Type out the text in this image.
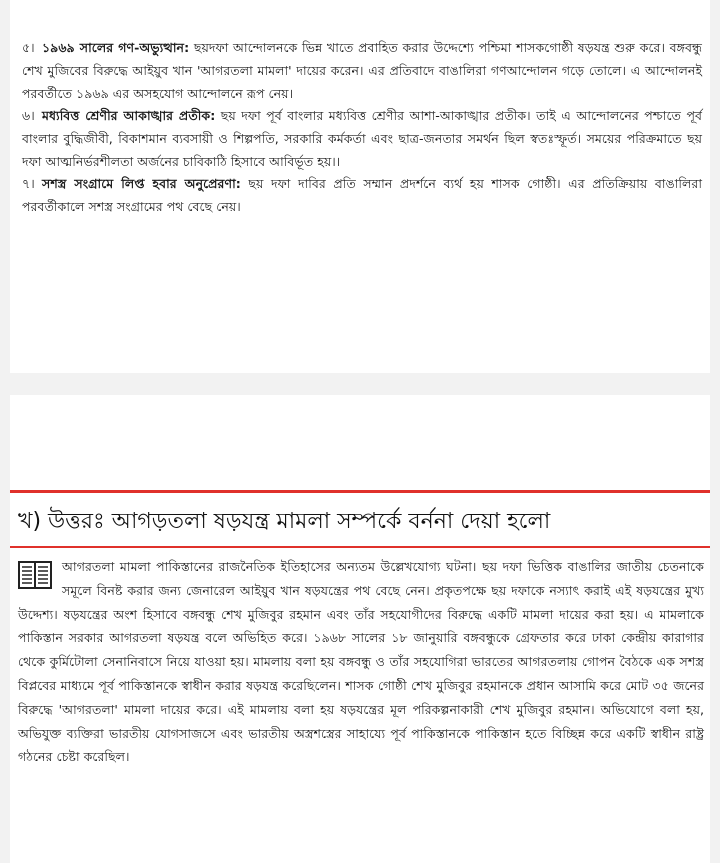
৫। ১৯৬৯ সালের গণ-অভ্যুত্থান: ছয়দফা আন্দোলনকে ভিন্ন খাতে প্রবাহিত করার উদ্দেশ্যে পশ্চিমা শাসকগোষ্ঠী ষড়যন্ত্র শুরু করে। বঙ্গবন্ধু শেখ মুজিবের বিরুদ্ধে আইয়ুব খান 'আগরতলা মামলা' দায়ের করেন। এর প্রতিবাদে বাঙালিরা গণআন্দোলন গড়ে তোলে। এ আন্দোলনই পরবর্তীতে ১৯৬৯ এর অসহযোগ আন্দোলনে রূপ নেয়।
৬। মধ্যবিত্ত শ্রেণীর আকাঙ্খার প্রতীক: ছয় দফা পূর্ব বাংলার মধ্যবিত্ত শ্রেণীর আশা-আকাঙ্খার প্রতীক। তাই এ আন্দোলনের পশ্চাতে পূর্ব বাংলার বুদ্ধিজীবী, বিকাশমান ব্যবসায়ী ও শিল্পপতি, সরকারি কর্মকর্তা এবং ছাত্র-জনতার সমর্থন ছিল স্বতঃস্ফূর্ত। সময়ের পরিক্রমাতে ছয় দফা আত্মনির্ভরশীলতা অর্জনের চাবিকাঠি হিসাবে আবির্ভূত হয়।।
৭। সশস্ত্র সংগ্রামে লিপ্ত হবার অনুপ্রেরণা: ছয় দফা দাবির প্রতি সম্মান প্রদর্শনে ব্যর্থ হয় শাসক গোষ্ঠী। এর প্রতিক্রিয়ায় বাঙালিরা পরবর্তীকালে সশস্ত্র সংগ্রামের পথ বেছে নেয়।
খ) উত্তরঃ আগড়তলা ষড়যন্ত্র মামলা সম্পর্কে বর্ননা দেয়া হলো
আগরতলা মামলা পাকিস্তানের রাজনৈতিক ইতিহাসের অন্যতম উল্লেখযোগ্য ঘটনা। ছয় দফা ভিত্তিক বাঙালির জাতীয় চেতনাকে সমূলে বিনষ্ট করার জন্য জেনারেল আইয়ুব খান ষড়যন্ত্রের পথ বেছে নেন। প্রকৃতপক্ষে ছয় দফাকে নস্যাৎ করাই এই ষড়যন্ত্রের মুখ্য উদ্দেশ্য। ষড়যন্ত্রের অংশ হিসাবে বঙ্গবন্ধু শেখ মুজিবুর রহমান এবং তাঁর সহযোগীদের বিরুদ্ধে একটি মামলা দায়ের করা হয়। এ মামলাকে পাকিস্তান সরকার আগরতলা ষড়যন্ত্র বলে অভিহিত করে। ১৯৬৮ সালের ১৮ জানুয়ারি বঙ্গবন্ধুকে গ্রেফতার করে ঢাকা কেন্দ্রীয় কারাগার থেকে কুর্মিটোলা সেনানিবাসে নিয়ে যাওয়া হয়। মামলায় বলা হয় বঙ্গবন্ধু ও তাঁর সহযোগিরা ভারতের আগরতলায় গোপন বৈঠকে এক সশস্ত্র বিপ্লবের মাধ্যমে পূর্ব পাকিস্তানকে স্বাধীন করার ষড়যন্ত্র করেছিলেন। শাসক গোষ্ঠী শেখ মুজিবুর রহমানকে প্রধান আসামি করে মোট ৩৫ জনের বিরুদ্ধে 'আগরতলা' মামলা দায়ের করে। এই মামলায় বলা হয় ষড়যন্ত্রের মূল পরিকল্পনাকারী শেখ মুজিবুর রহমান। অভিযোগে বলা হয়, অভিযুক্ত ব্যক্তিরা ভারতীয় যোগসাজসে এবং ভারতীয় অস্ত্রশস্ত্রের সাহায্যে পূর্ব পাকিস্তানকে পাকিস্তান হতে বিচ্ছিন্ন করে একটি স্বাধীন রাষ্ট্র গঠনের চেষ্টা করেছিল।
